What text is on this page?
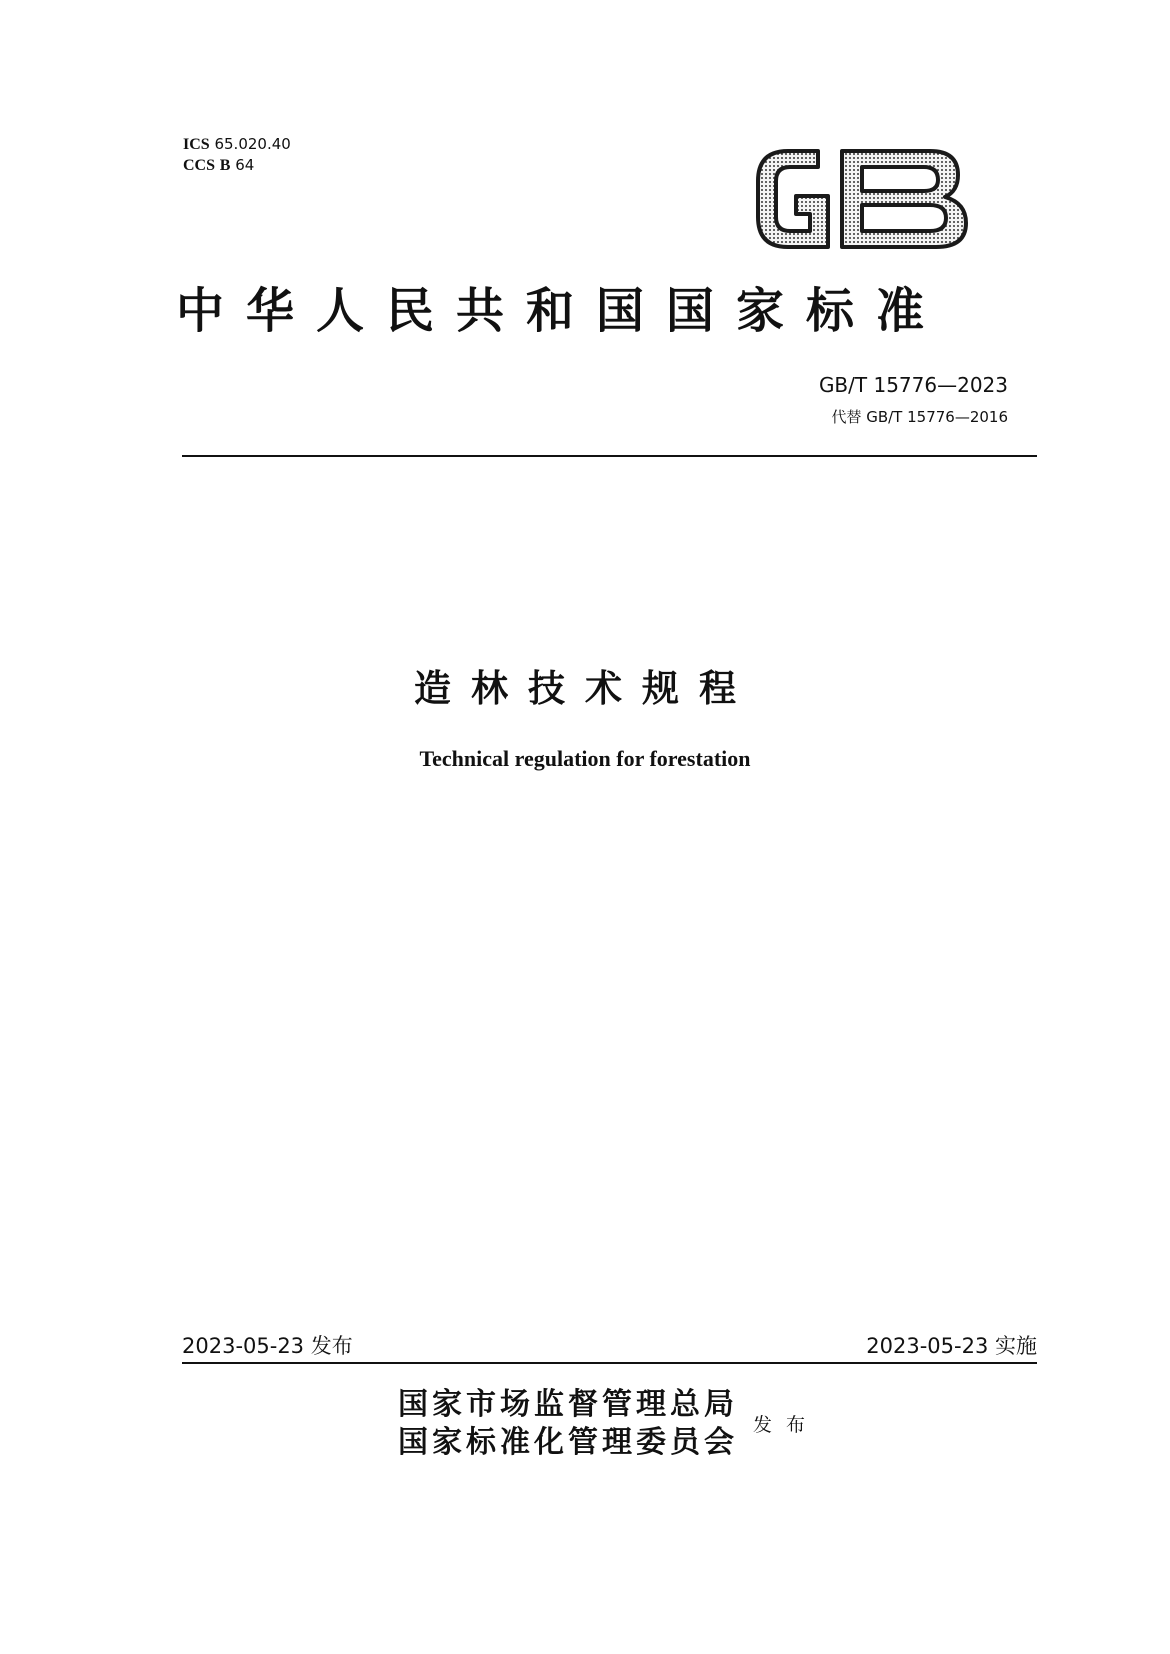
ICS 65.020.40
CCS B 64
中华人民共和国国家标准
GB/T 15776—2023
代替 GB/T 15776—2016
造林技术规程
Technical regulation for forestation
2023-05-23 发布	2023-05-23 实施
国家市场监督管理总局
国家标准化管理委员会 发布
